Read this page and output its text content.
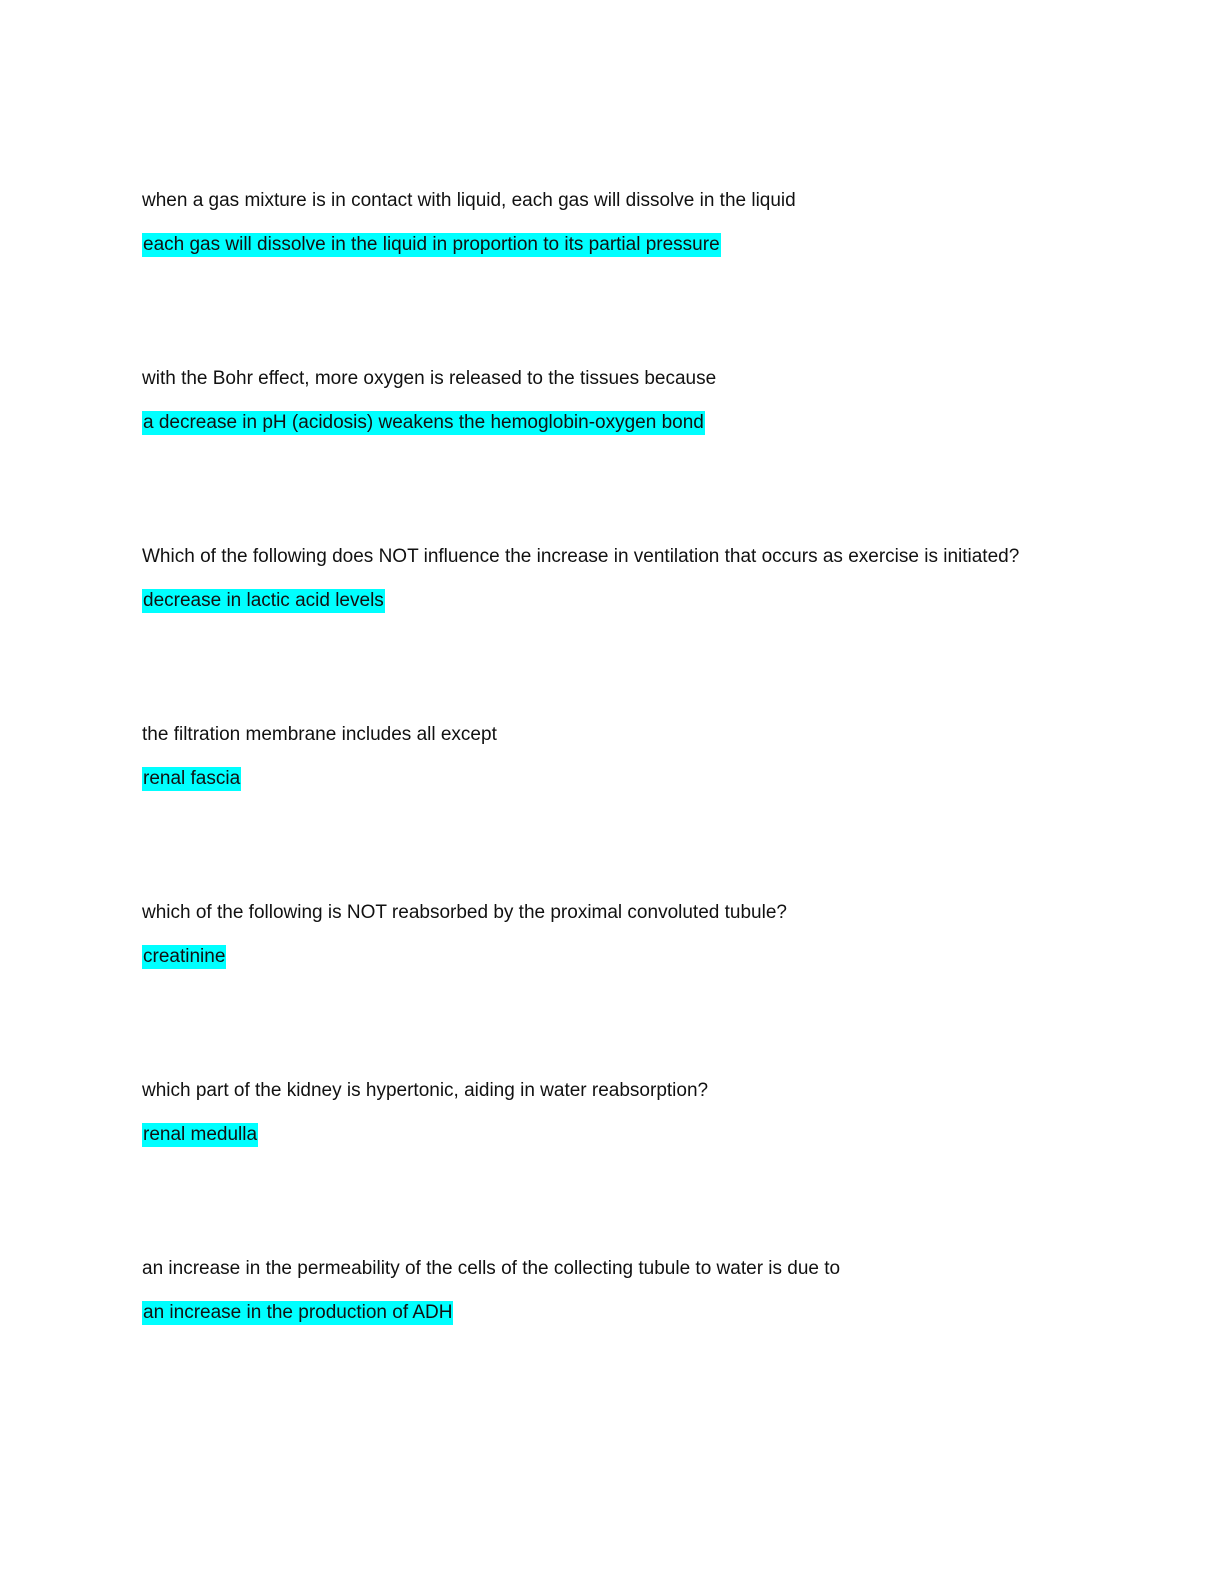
when a gas mixture is in contact with liquid, each gas will dissolve in the liquid
each gas will dissolve in the liquid in proportion to its partial pressure
with the Bohr effect, more oxygen is released to the tissues because
a decrease in pH (acidosis) weakens the hemoglobin-oxygen bond
Which of the following does NOT influence the increase in ventilation that occurs as exercise is initiated?
decrease in lactic acid levels
the filtration membrane includes all except
renal fascia
which of the following is NOT reabsorbed by the proximal convoluted tubule?
creatinine
which part of the kidney is hypertonic, aiding in water reabsorption?
renal medulla
an increase in the permeability of the cells of the collecting tubule to water is due to
an increase in the production of ADH
